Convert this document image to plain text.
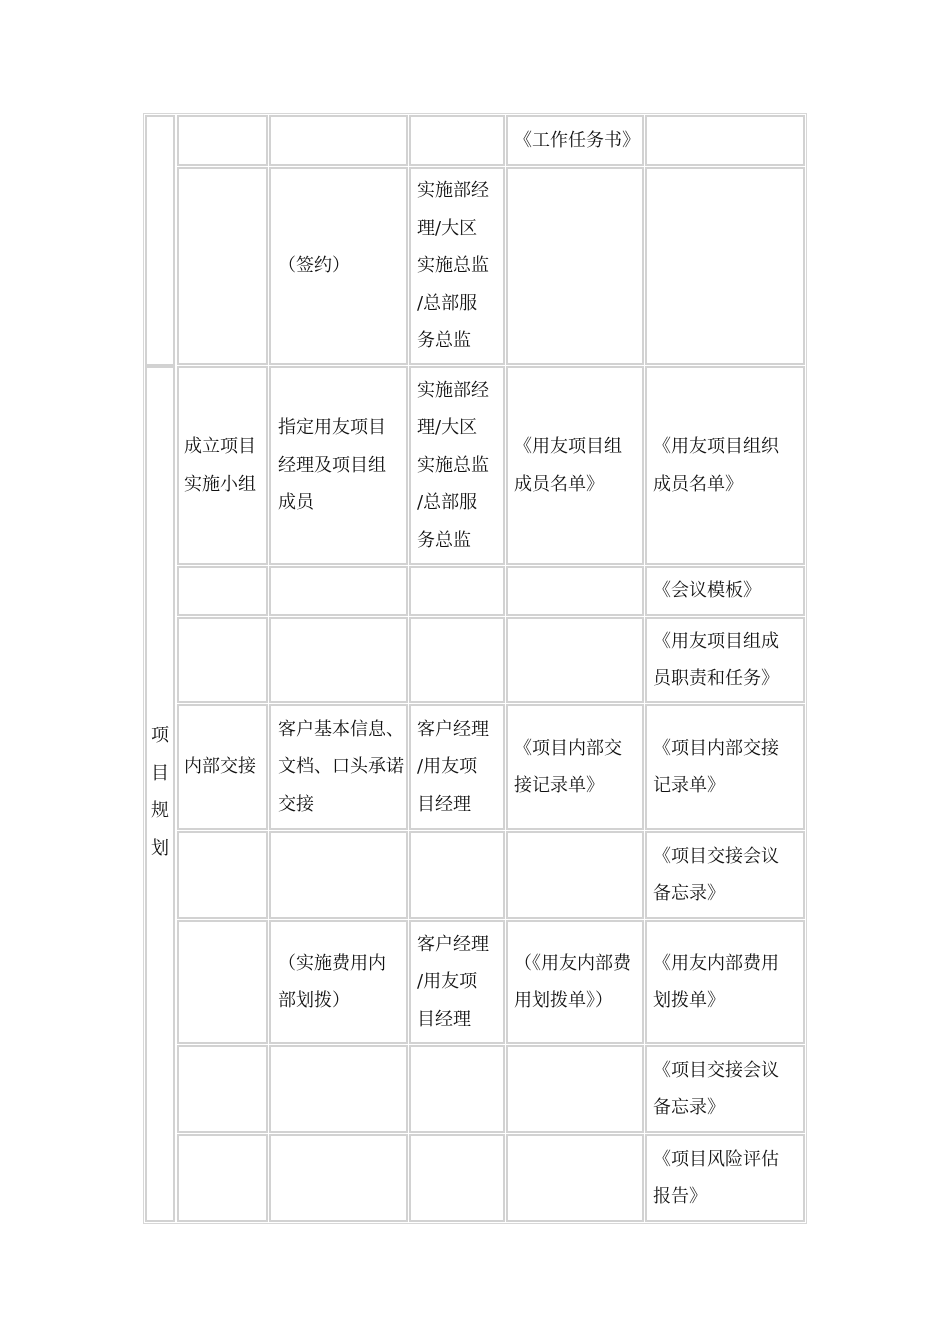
项
目
规
划
《工作任务书》
（签约）
实施部经
理/大区
实施总监
/总部服
务总监
成立项目
实施小组
指定用友项目
经理及项目组
成员
实施部经
理/大区
实施总监
/总部服
务总监
《用友项目组
成员名单》
《用友项目组织
成员名单》
《会议模板》
《用友项目组成
员职责和任务》
内部交接
客户基本信息、
文档、口头承诺
交接
客户经理
/用友项
目经理
《项目内部交
接记录单》
《项目内部交接
记录单》
《项目交接会议
备忘录》
（实施费用内
部划拨）
客户经理
/用友项
目经理
（《用友内部费
用划拨单》）
《用友内部费用
划拨单》
《项目交接会议
备忘录》
《项目风险评估
报告》
